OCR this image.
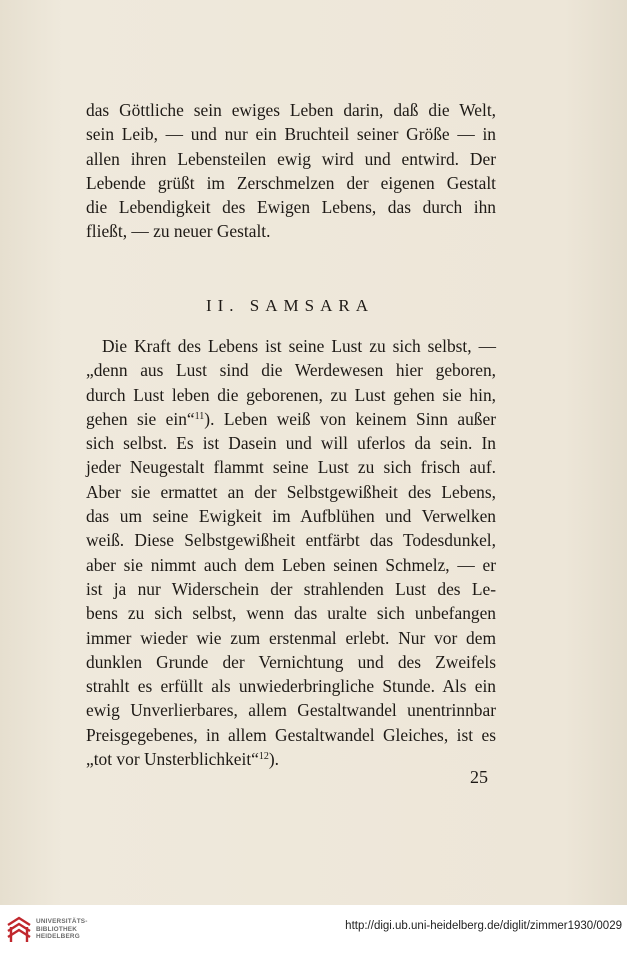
das Göttliche sein ewiges Leben darin, daß die Welt,
sein Leib, — und nur ein Bruchteil seiner Größe — in
allen ihren Lebensteilen ewig wird und entwird. Der
Lebende grüßt im Zerschmelzen der eigenen Gestalt
die Lebendigkeit des Ewigen Lebens, das durch ihn
fließt, — zu neuer Gestalt.
II. SAMSARA
Die Kraft des Lebens ist seine Lust zu sich selbst, —
„denn aus Lust sind die Werdewesen hier geboren,
durch Lust leben die geborenen, zu Lust gehen sie hin,
gehen sie ein“$^{11}$). Leben weiß von keinem Sinn außer
sich selbst. Es ist Dasein und will uferlos da sein. In
jeder Neugestalt flammt seine Lust zu sich frisch auf.
Aber sie ermattet an der Selbstgewißheit des Lebens,
das um seine Ewigkeit im Aufblühen und Verwelken
weiß. Diese Selbstgewißheit entfärbt das Todesdunkel,
aber sie nimmt auch dem Leben seinen Schmelz, — er
ist ja nur Widerschein der strahlenden Lust des Le-
bens zu sich selbst, wenn das uralte sich unbefangen
immer wieder wie zum erstenmal erlebt. Nur vor dem
dunklen Grunde der Vernichtung und des Zweifels
strahlt es erfüllt als unwiederbringliche Stunde. Als ein
ewig Unverlierbares, allem Gestaltwandel unentrinnbar
Preisgegebenes, in allem Gestaltwandel Gleiches, ist es
„tot vor Unsterblichkeit“$^{12}$).
25
UNIVERSITÄTS-
BIBLIOTHEK
HEIDELBERG
http://digi.ub.uni-heidelberg.de/diglit/zimmer1930/0029
